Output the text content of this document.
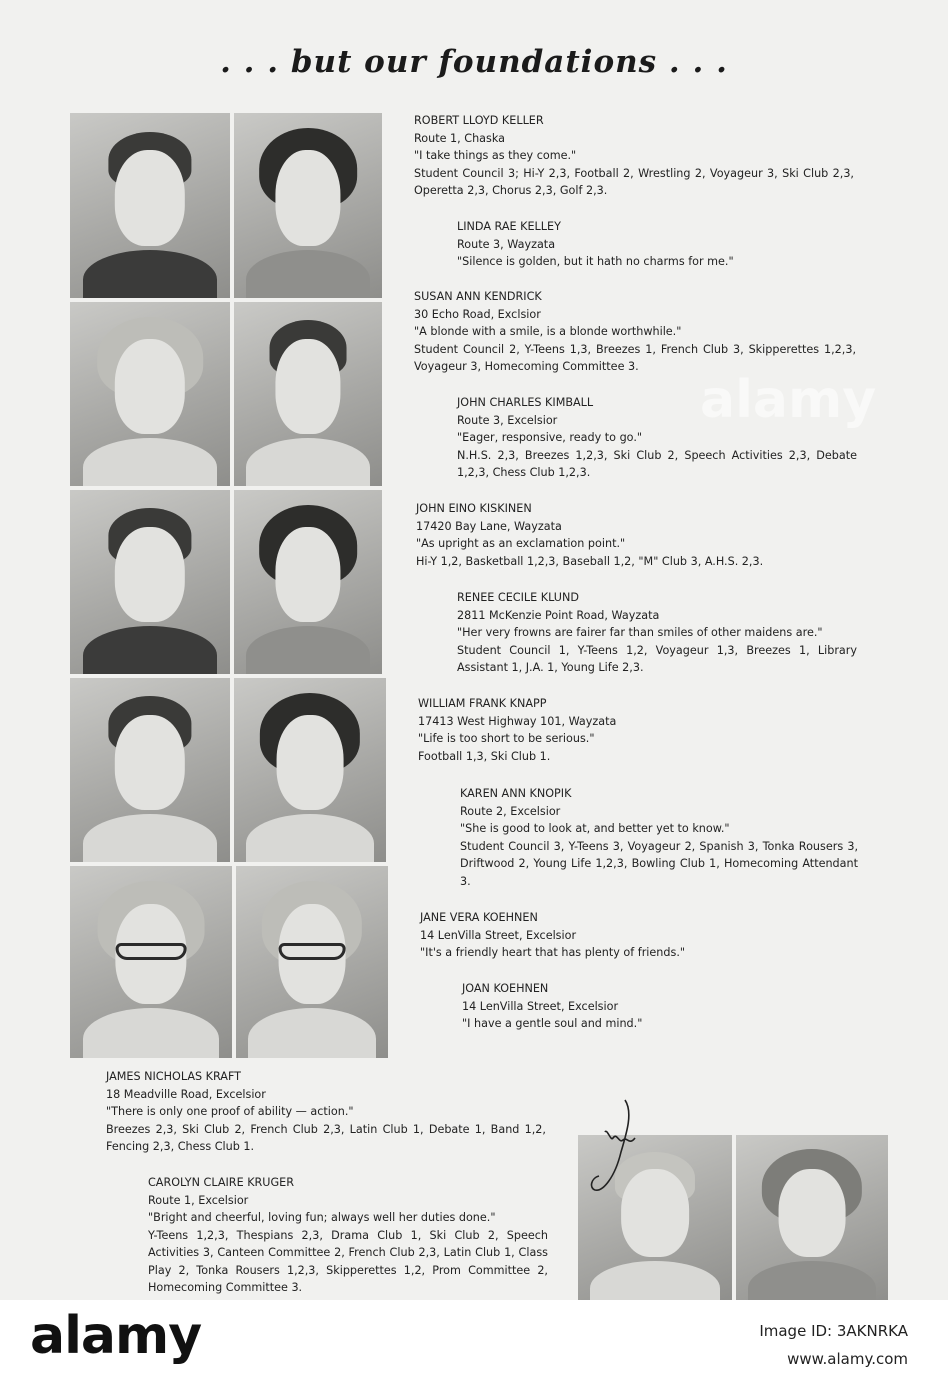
. . . but our foundations . . .
ROBERT LLOYD KELLER
Route 1, Chaska
"I take things as they come."
Student Council 3; Hi-Y 2,3, Football 2, Wrestling 2, Voyageur 3, Ski Club 2,3, Operetta 2,3, Chorus 2,3, Golf 2,3.
LINDA RAE KELLEY
Route 3, Wayzata
"Silence is golden, but it hath no charms for me."
SUSAN ANN KENDRICK
30 Echo Road, Exclsior
"A blonde with a smile, is a blonde worthwhile."
Student Council 2, Y-Teens 1,3, Breezes 1, French Club 3, Skipperettes 1,2,3, Voyageur 3, Homecoming Committee 3.
JOHN CHARLES KIMBALL
Route 3, Excelsior
"Eager, responsive, ready to go."
N.H.S. 2,3, Breezes 1,2,3, Ski Club 2, Speech Activities 2,3, Debate 1,2,3, Chess Club 1,2,3.
JOHN EINO KISKINEN
17420 Bay Lane, Wayzata
"As upright as an exclamation point."
Hi-Y 1,2, Basketball 1,2,3, Baseball 1,2, "M" Club 3, A.H.S. 2,3.
RENEE CECILE KLUND
2811 McKenzie Point Road, Wayzata
"Her very frowns are fairer far than smiles of other maidens are."
Student Council 1, Y-Teens 1,2, Voyageur 1,3, Breezes 1, Library Assistant 1, J.A. 1, Young Life 2,3.
WILLIAM FRANK KNAPP
17413 West Highway 101, Wayzata
"Life is too short to be serious."
Football 1,3, Ski Club 1.
KAREN ANN KNOPIK
Route 2, Excelsior
"She is good to look at, and better yet to know."
Student Council 3, Y-Teens 3, Voyageur 2, Spanish 3, Tonka Rousers 3, Driftwood 2, Young Life 1,2,3, Bowling Club 1, Homecoming Attendant 3.
JANE VERA KOEHNEN
14 LenVilla Street, Excelsior
"It's a friendly heart that has plenty of friends."
JOAN KOEHNEN
14 LenVilla Street, Excelsior
"I have a gentle soul and mind."
JAMES NICHOLAS KRAFT
18 Meadville Road, Excelsior
"There is only one proof of ability — action."
Breezes 2,3, Ski Club 2, French Club 2,3, Latin Club 1, Debate 1, Band 1,2, Fencing 2,3, Chess Club 1.
CAROLYN CLAIRE KRUGER
Route 1, Excelsior
"Bright and cheerful, loving fun; always well her duties done."
Y-Teens 1,2,3, Thespians 2,3, Drama Club 1, Ski Club 2, Speech Activities 3, Canteen Committee 2, French Club 2,3, Latin Club 1, Class Play 2, Tonka Rousers 1,2,3, Skipperettes 1,2, Prom Committee 2, Homecoming Committee 3.
alamy
alamy	Image ID: 3AKNRKA
www.alamy.com
